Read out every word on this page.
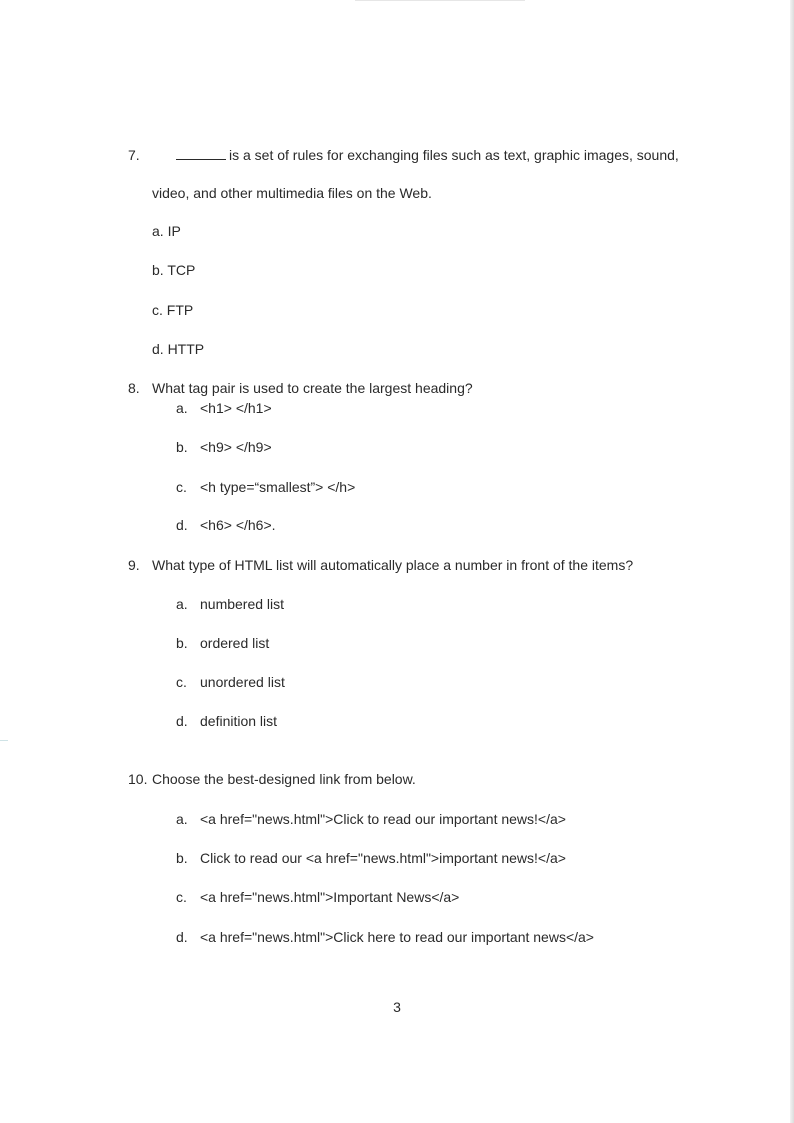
7.	is a set of rules for exchanging files such as text, graphic images, sound,
video, and other multimedia files on the Web.
a. IP
b. TCP
c. FTP
d. HTTP
8. What tag pair is used to create the largest heading?
a. <h1> </h1>
b. <h9> </h9>
c. <h type=“smallest”> </h>
d. <h6> </h6>.
9. What type of HTML list will automatically place a number in front of the items?
a. numbered list
b. ordered list
c. unordered list
d. definition list
10. Choose the best-designed link from below.
a. <a href="news.html">Click to read our important news!</a>
b. Click to read our <a href="news.html">important news!</a>
c. <a href="news.html">Important News</a>
d. <a href="news.html">Click here to read our important news</a>
3
